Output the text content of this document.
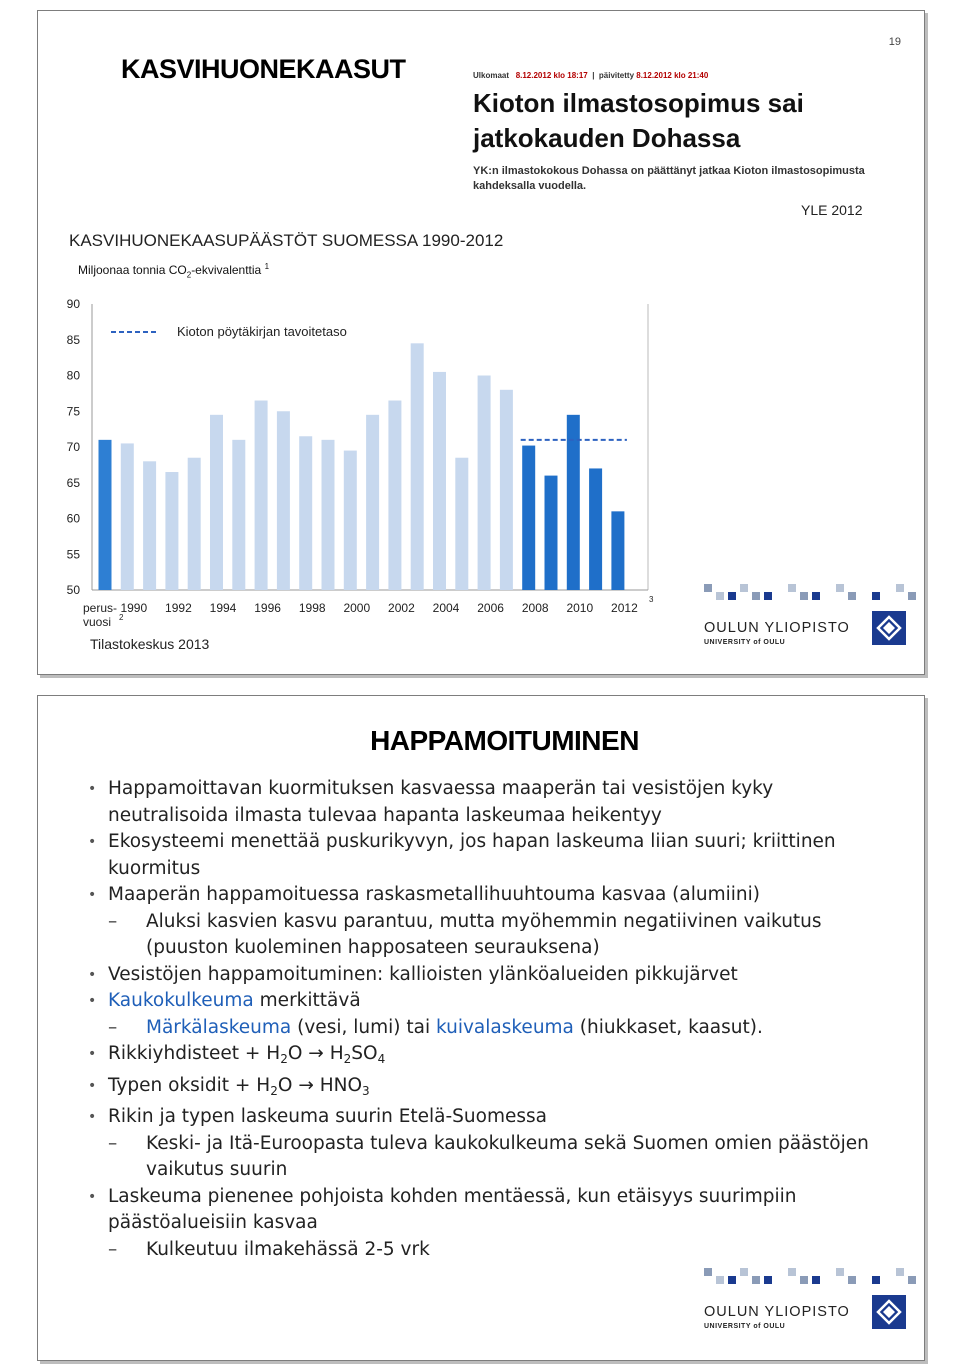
19
KASVIHUONEKAASUT	Ulkomaat 8.12.2012 klo 18:17  |  päivitetty 8.12.2012 klo 21:40
Kioton ilmastosopimus sai
jatkokauden Dohassa
YK:n ilmastokokous Dohassa on päättänyt jatkaa Kioton ilmastosopimusta kahdeksalla vuodella.
YLE 2012
KASVIHUONEKAASUPÄÄSTÖT SUOMESSA 1990-2012
Miljoonaa tonnia $CO_2$-ekvivalenttia $^1$
50
55
60
65
70
75
80
85
90
Kioton pöytäkirjan tavoitetaso
perus-
vuosi 2
1990 1992 1994 1996 1998 2000 2002 2004 2006 2008 2010 2012
3
Tilastokeskus 2013
OULUN YLIOPISTO
UNIVERSITY of OULU
HAPPAMOITUMINEN
• Happamoittavan kuormituksen kasvaessa maaperän tai vesistöjen kyky neutralisoida ilmasta tulevaa hapanta laskeumaa heikentyy
• Ekosysteemi menettää puskurikyvyn, jos hapan laskeuma liian suuri; kriittinen kuormitus
• Maaperän happamoituessa raskasmetallihuuhtouma kasvaa (alumiini)
– Aluksi kasvien kasvu parantuu, mutta myöhemmin negatiivinen vaikutus (puuston kuoleminen happosateen seurauksena)
• Vesistöjen happamoituminen: kallioisten ylänköalueiden pikkujärvet
• Kaukokulkeuma merkittävä
– Märkälaskeuma (vesi, lumi) tai kuivalaskeuma (hiukkaset, kaasut).
• Rikkiyhdisteet + $H_2O \to H_2SO_4$
• Typen oksidit + $H_2O \to HNO_3$
• Rikin ja typen laskeuma suurin Etelä-Suomessa
– Keski- ja Itä-Euroopasta tuleva kaukokulkeuma sekä Suomen omien päästöjen vaikutus suurin
• Laskeuma pienenee pohjoista kohden mentäessä, kun etäisyys suurimpiin päästöalueisiin kasvaa
– Kulkeutuu ilmakehässä 2-5 vrk
OULUN YLIOPISTO
UNIVERSITY of OULU
